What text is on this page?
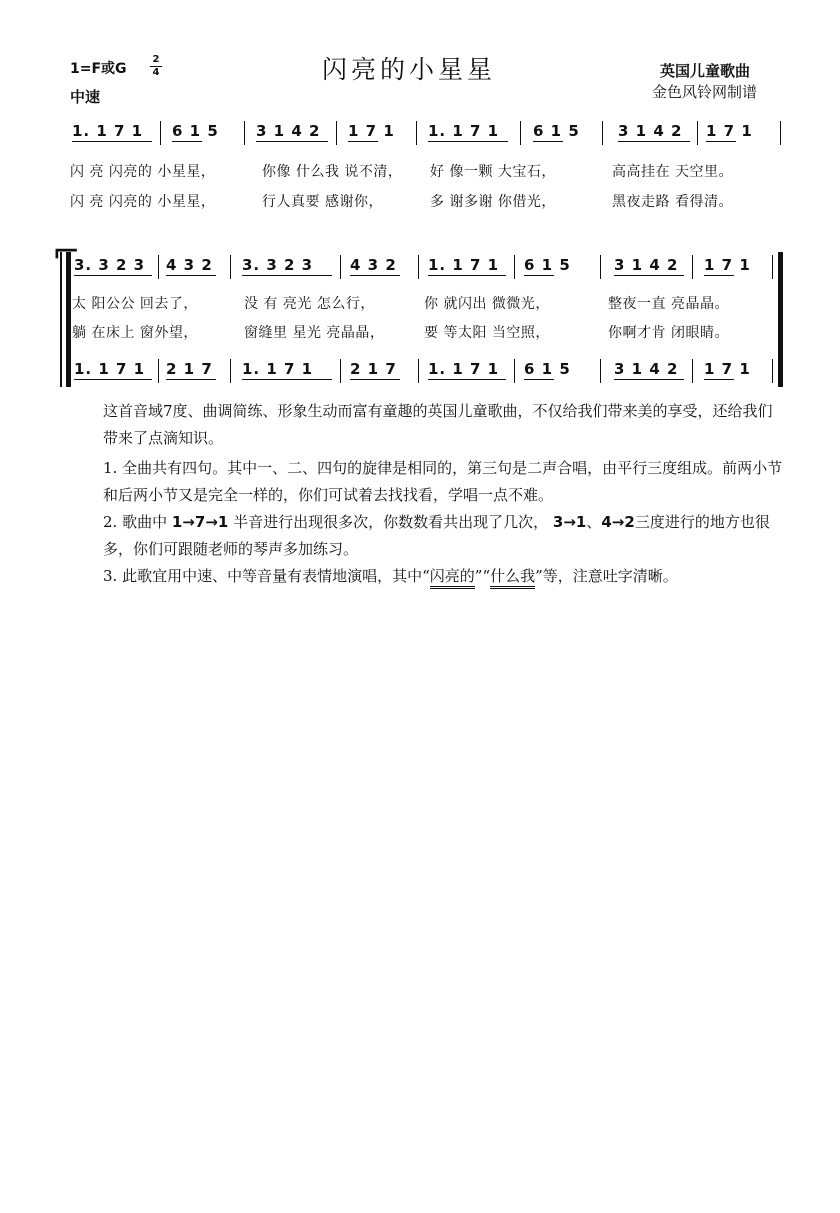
1=F或G
2
4
中速
闪亮的小星星	英国儿童歌曲
金色风铃网制谱
1. 1 7 1 6 1 5 3 1 4 2 1 7 1 1. 1 7 1 6 1 5	3 1 4 2 1 7 1
闪 亮 闪亮的 小星星，	你像 什么我 说不清， 好 像一颗 大宝石，	高高挂在 天空里。
闪 亮 闪亮的 小星星，	行人真要 感谢你，	多 谢多谢 你借光，	黑夜走路 看得清。
⌐
3. 3 2 3 4 3 2 3. 3 2 3 4 3 2 1. 1 7 1 6 1 5	3 1 4 2 1 7 1
太 阳公公 回去了，	没 有 亮光 怎么行，	你 就闪出 微微光，	整夜一直 亮晶晶。
躺 在床上 窗外望，	窗缝里 星光 亮晶晶，	要 等太阳 当空照，	你啊才肯 闭眼睛。
1. 1 7 1 2 1 7 1. 1 7 1 2 1 7 1. 1 7 1 6 1 5	3 1 4 2 1 7 1
这首音域7度、曲调简练、形象生动而富有童趣的英国儿童歌曲，不仅给我们带来美的享受，还给我们带来了点滴知识。
1. 全曲共有四句。其中一、二、四句的旋律是相同的，第三句是二声合唱，由平行三度组成。前两小节和后两小节又是完全一样的，你们可试着去找找看，学唱一点不难。
2. 歌曲中 1→7→1 半音进行出现很多次，你数数看共出现了几次， 3→1、4→2三度进行的地方也很多，你们可跟随老师的琴声多加练习。
3. 此歌宜用中速、中等音量有表情地演唱，其中“闪亮的”“什么我”等，注意吐字清晰。
